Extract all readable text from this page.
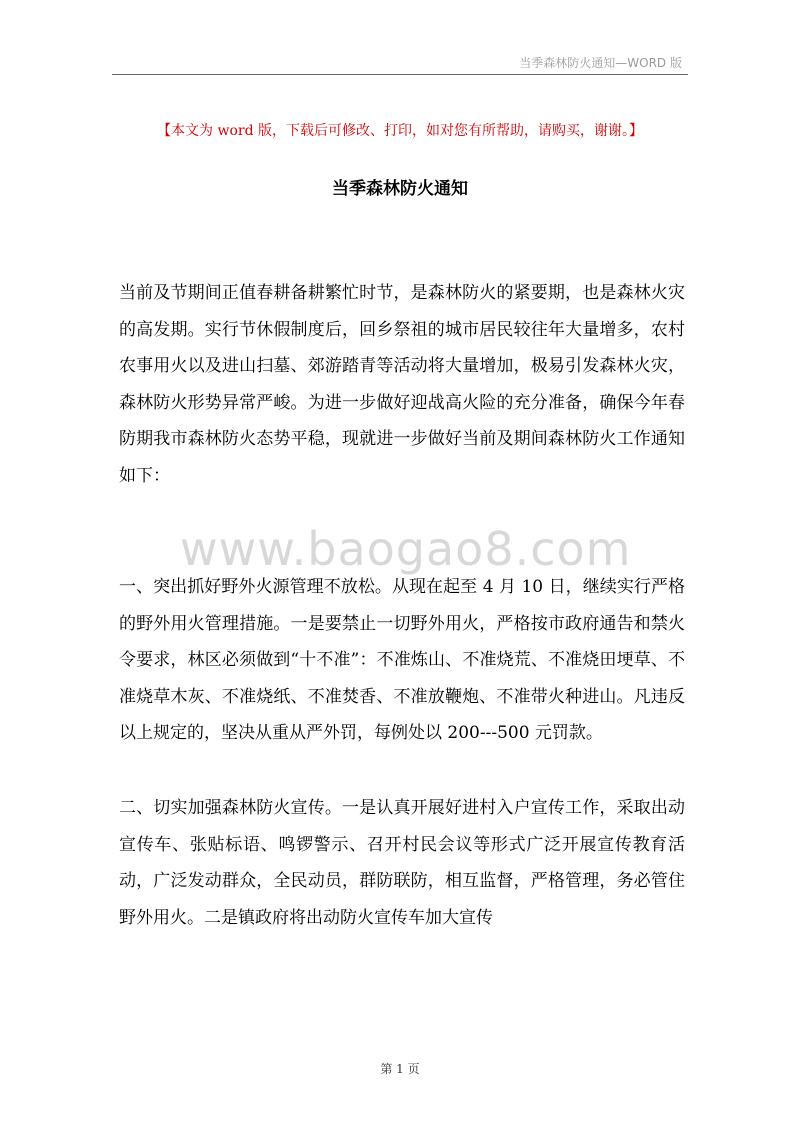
当季森林防火通知—WORD 版
【本文为 word 版，下载后可修改、打印，如对您有所帮助，请购买，谢谢。】
当季森林防火通知

当前及节期间正值春耕备耕繁忙时节，是森林防火的紧要期，也是森林火灾的高发期。实行节休假制度后，回乡祭祖的城市居民较往年大量增多，农村农事用火以及进山扫墓、郊游踏青等活动将大量增加，极易引发森林火灾，森林防火形势异常严峻。为进一步做好迎战高火险的充分准备，确保今年春防期我市森林防火态势平稳，现就进一步做好当前及期间森林防火工作通知如下：

www.baogao8.com

一、突出抓好野外火源管理不放松。从现在起至 4 月 10 日，继续实行严格的野外用火管理措施。一是要禁止一切野外用火，严格按市政府通告和禁火令要求，林区必须做到“十不准”：不准炼山、不准烧荒、不准烧田埂草、不准烧草木灰、不准烧纸、不准焚香、不准放鞭炮、不准带火种进山。凡违反以上规定的，坚决从重从严外罚，每例处以 200---500 元罚款。

二、切实加强森林防火宣传。一是认真开展好进村入户宣传工作，采取出动宣传车、张贴标语、鸣锣警示、召开村民会议等形式广泛开展宣传教育活动，广泛发动群众，全民动员，群防联防，相互监督，严格管理，务必管住野外用火。二是镇政府将出动防火宣传车加大宣传

第 1 页
